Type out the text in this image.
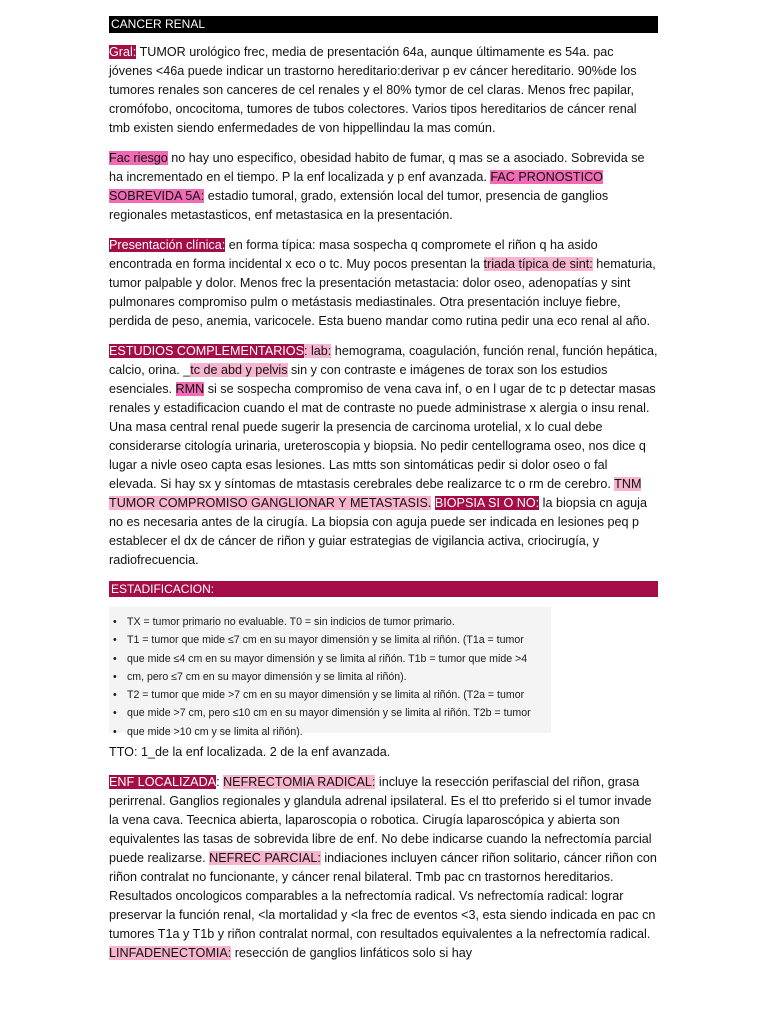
CANCER RENAL

Gral: TUMOR urológico frec, media de presentación 64a, aunque últimamente es 54a. pac jóvenes <46a puede indicar un trastorno hereditario:derivar p ev cáncer hereditario. 90%de los tumores renales son canceres de cel renales y el 80% tymor de cel claras. Menos frec papilar, cromófobo, oncocitoma, tumores de tubos colectores. Varios tipos hereditarios de cáncer renal tmb existen siendo enfermedades de von hippellindau la mas común.

Fac riesgo no hay uno especifico, obesidad habito de fumar, q mas se a asociado. Sobrevida se ha incrementado en el tiempo. P la enf localizada y p enf avanzada. FAC PRONOSTICO SOBREVIDA 5A: estadio tumoral, grado, extensión local del tumor, presencia de ganglios regionales metastasticos, enf metastasica en la presentación.

Presentación clínica: en forma típica: masa sospecha q compromete el riñon q ha asido encontrada en forma incidental x eco o tc. Muy pocos presentan la triada típica de sint: hematuria, tumor palpable y dolor. Menos frec la presentación metastacia: dolor oseo, adenopatías y sint pulmonares compromiso pulm o metástasis mediastinales. Otra presentación incluye fiebre, perdida de peso, anemia, varicocele. Esta bueno mandar como rutina pedir una eco renal al año.

ESTUDIOS COMPLEMENTARIOS: lab: hemograma, coagulación, función renal, función hepática, calcio, orina. _tc de abd y pelvis sin y con contraste e imágenes de torax son los estudios esenciales. RMN si se sospecha compromiso de vena cava inf, o en l ugar de tc p detectar masas renales y estadificacion cuando el mat de contraste no puede administrase x alergia o insu renal. Una masa central renal puede sugerir la presencia de carcinoma urotelial, x lo cual debe considerarse citología urinaria, ureteroscopia y biopsia. No pedir centellograma oseo, nos dice q lugar a nivle oseo capta esas lesiones. Las mtts son sintomáticas pedir si dolor oseo o fal elevada. Si hay sx y síntomas de mtastasis cerebrales debe realizarce tc o rm de cerebro. TNM TUMOR COMPROMISO GANGLIONAR Y METASTASIS. BIOPSIA SI O NO: la biopsia cn aguja no es necesaria antes de la cirugía. La biopsia con aguja puede ser indicada en lesiones peq p establecer el dx de cáncer de riñon y guiar estrategias de vigilancia activa, criocirugía, y radiofrecuencia.

ESTADIFICACION:
• TX = tumor primario no evaluable. T0 = sin indicios de tumor primario.
• T1 = tumor que mide ≤7 cm en su mayor dimensión y se limita al riñón. (T1a = tumor
• que mide ≤4 cm en su mayor dimensión y se limita al riñón. T1b = tumor que mide >4
• cm, pero ≤7 cm en su mayor dimensión y se limita al riñón).
• T2 = tumor que mide >7 cm en su mayor dimensión y se limita al riñón. (T2a = tumor
• que mide >7 cm, pero ≤10 cm en su mayor dimensión y se limita al riñón. T2b = tumor
• que mide >10 cm y se limita al riñón).

TTO: 1_de la enf localizada. 2 de la enf avanzada.

ENF LOCALIZADA: NEFRECTOMIA RADICAL: incluye la resección perifascial del riñon, grasa perirrenal. Ganglios regionales y glandula adrenal ipsilateral. Es el tto preferido si el tumor invade la vena cava. Teecnica abierta, laparoscopia o robotica. Cirugía laparoscópica y abierta son equivalentes las tasas de sobrevida libre de enf. No debe indicarse cuando la nefrectomía parcial puede realizarse. NEFREC PARCIAL: indiaciones incluyen cáncer riñon solitario, cáncer riñon con riñon contralat no funcionante, y cáncer renal bilateral. Tmb pac cn trastornos hereditarios. Resultados oncologicos comparables a la nefrectomía radical. Vs nefrectomía radical: lograr preservar la función renal, <la mortalidad y <la frec de eventos <3, esta siendo indicada en pac cn tumores T1a y T1b y riñon contralat normal, con resultados equivalentes a la nefrectomía radical. LINFADENECTOMIA: resección de ganglios linfáticos solo si hay
